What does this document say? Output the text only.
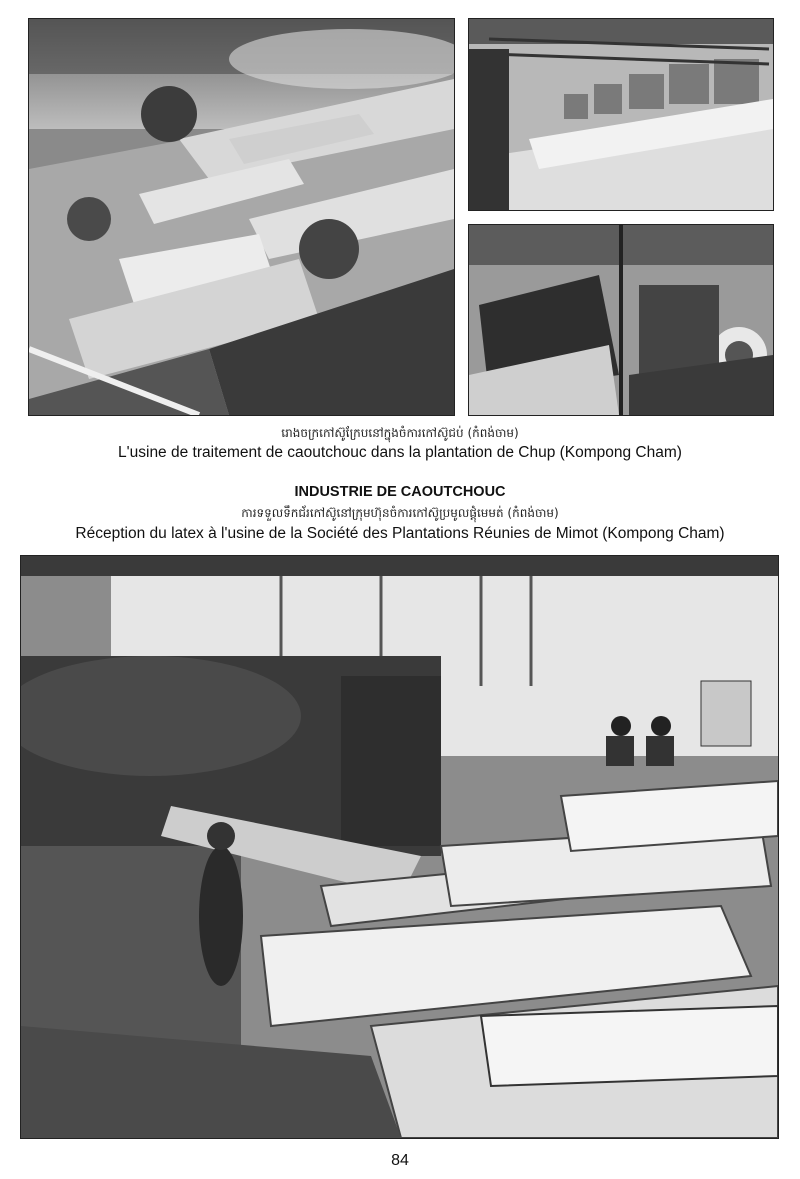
រោងចក្រកៅស៊ូក្រែបនៅក្នុងចំការកៅស៊ូជប់ (កំពង់ចាម)
L'usine de traitement de caoutchouc dans la plantation de Chup (Kompong Cham)
INDUSTRIE DE CAOUTCHOUC
ការទទួលទឹកជ័រកៅស៊ូនៅក្រុមហ៊ុនចំការកៅស៊ូប្រមូលផ្តុំមេមត់ (កំពង់ចាម)
Réception du latex à l'usine de la Société des Plantations Réunies de Mimot (Kompong Cham)
84
